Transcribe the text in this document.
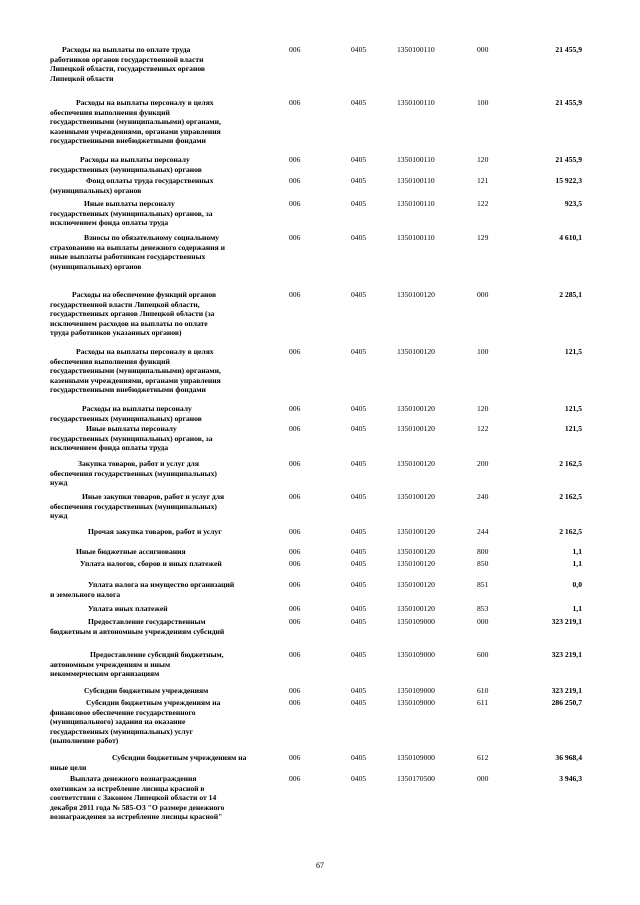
Расходы на выплаты по оплате труда
работников органов государственной власти
Липецкой области, государственных органов
Липецкой области
006	0405	1350100110	000	21 455,9
Расходы на выплаты персоналу в целях
обеспечения выполнения функций
государственными (муниципальными) органами,
казенными учреждениями, органами управления
государственными внебюджетными фондами
006	0405	1350100110	100	21 455,9
Расходы на выплаты персоналу
государственных (муниципальных) органов
006	0405	1350100110	120	21 455,9
Фонд оплаты труда государственных
(муниципальных) органов
006	0405	1350100110	121	15 922,3
Иные выплаты персоналу
государственных (муниципальных) органов, за
исключением фонда оплаты труда
006	0405	1350100110	122	923,5
Взносы по обязательному социальному
страхованию на выплаты денежного содержания и
иные выплаты работникам государственных
(муниципальных) органов
006	0405	1350100110	129	4 610,1
Расходы на обеспечение функций органов
государственной власти Липецкой области,
государственных органов Липецкой области (за
исключением расходов на выплаты по оплате
труда работников указанных органов)
006	0405	1350100120	000	2 285,1
Расходы на выплаты персоналу в целях
обеспечения выполнения функций
государственными (муниципальными) органами,
казенными учреждениями, органами управления
государственными внебюджетными фондами
006	0405	1350100120	100	121,5
Расходы на выплаты персоналу
государственных (муниципальных) органов
006	0405	1350100120	120	121,5
Иные выплаты персоналу
государственных (муниципальных) органов, за
исключением фонда оплаты труда
006	0405	1350100120	122	121,5
Закупка товаров, работ и услуг для
обеспечения государственных (муниципальных)
нужд
006	0405	1350100120	200	2 162,5
Иные закупки товаров, работ и услуг для
обеспечения государственных (муниципальных)
нужд
006	0405	1350100120	240	2 162,5
Прочая закупка товаров, работ и услуг	006	0405	1350100120	244	2 162,5
Иные бюджетные ассигнования	006	0405	1350100120	800	1,1
Уплата налогов, сборов и иных платежей	006	0405	1350100120	850	1,1
Уплата налога на имущество организаций
и земельного налога
006	0405	1350100120	851	0,0
Уплата иных платежей	006	0405	1350100120	853	1,1
Предоставление государственным
бюджетным и автономным учреждениям субсидий
006	0405	1350109000	000	323 219,1
Предоставление субсидий бюджетным,
автономным учреждениям и иным
некоммерческим организациям
006	0405	1350109000	600	323 219,1
Субсидии бюджетным учреждениям	006	0405	1350109000	610	323 219,1
Субсидии бюджетным учреждениям на
финансовое обеспечение государственного
(муниципального) задания на оказание
государственных (муниципальных) услуг
(выполнение работ)
006	0405	1350109000	611	286 250,7
Субсидии бюджетным учреждениям на
иные цели
006	0405	1350109000	612	36 968,4
Выплата денежного вознаграждения
охотникам за истребление лисицы красной в
соответствии с Законом Липецкой области от 14
декабря 2011 года № 585-ОЗ "О размере денежного
вознаграждения за истребление лисицы красной"
006	0405	1350170500	000	3 946,3
67
